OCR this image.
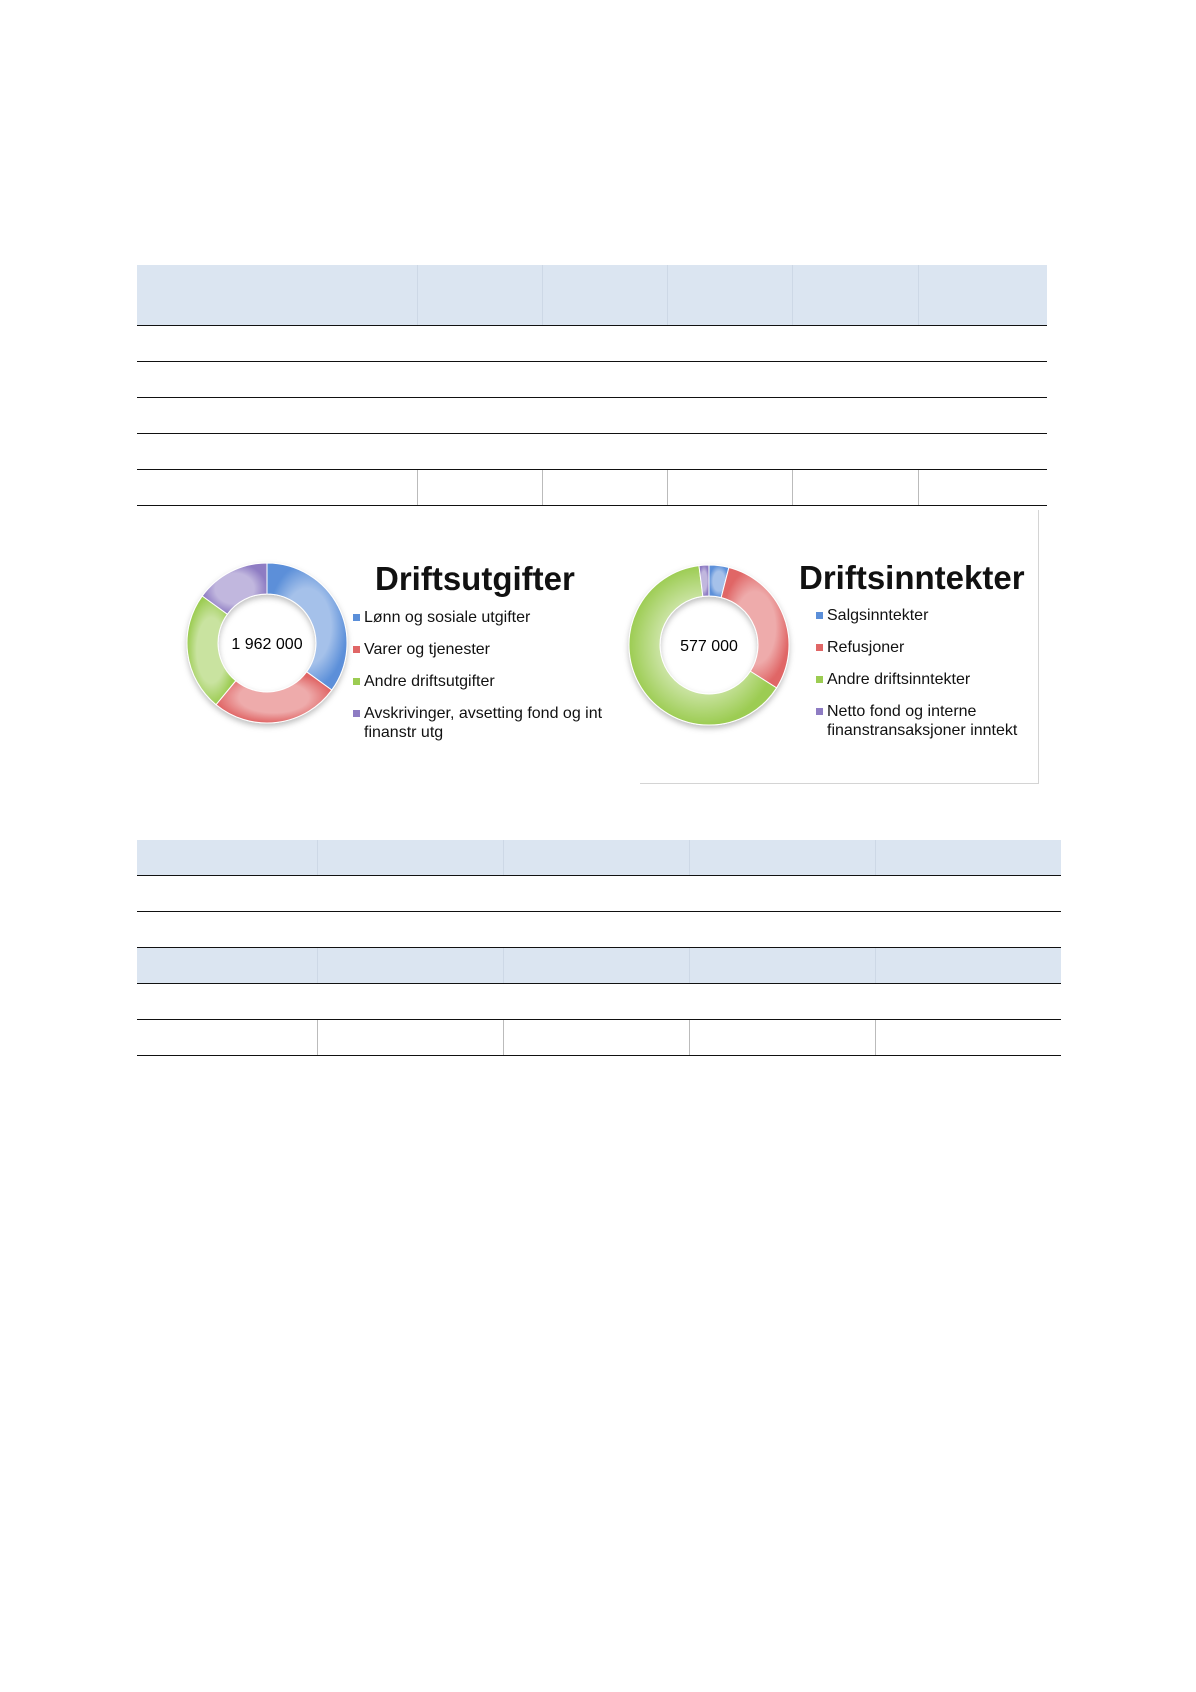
1 962 000
Driftsutgifter
Lønn og sosiale utgifter
Varer og tjenester
Andre driftsutgifter
Avskrivinger, avsetting fond og int finanstr utg
577 000
Driftsinntekter
Salgsinntekter
Refusjoner
Andre driftsinntekter
Netto fond og interne finanstransaksjoner inntekt
